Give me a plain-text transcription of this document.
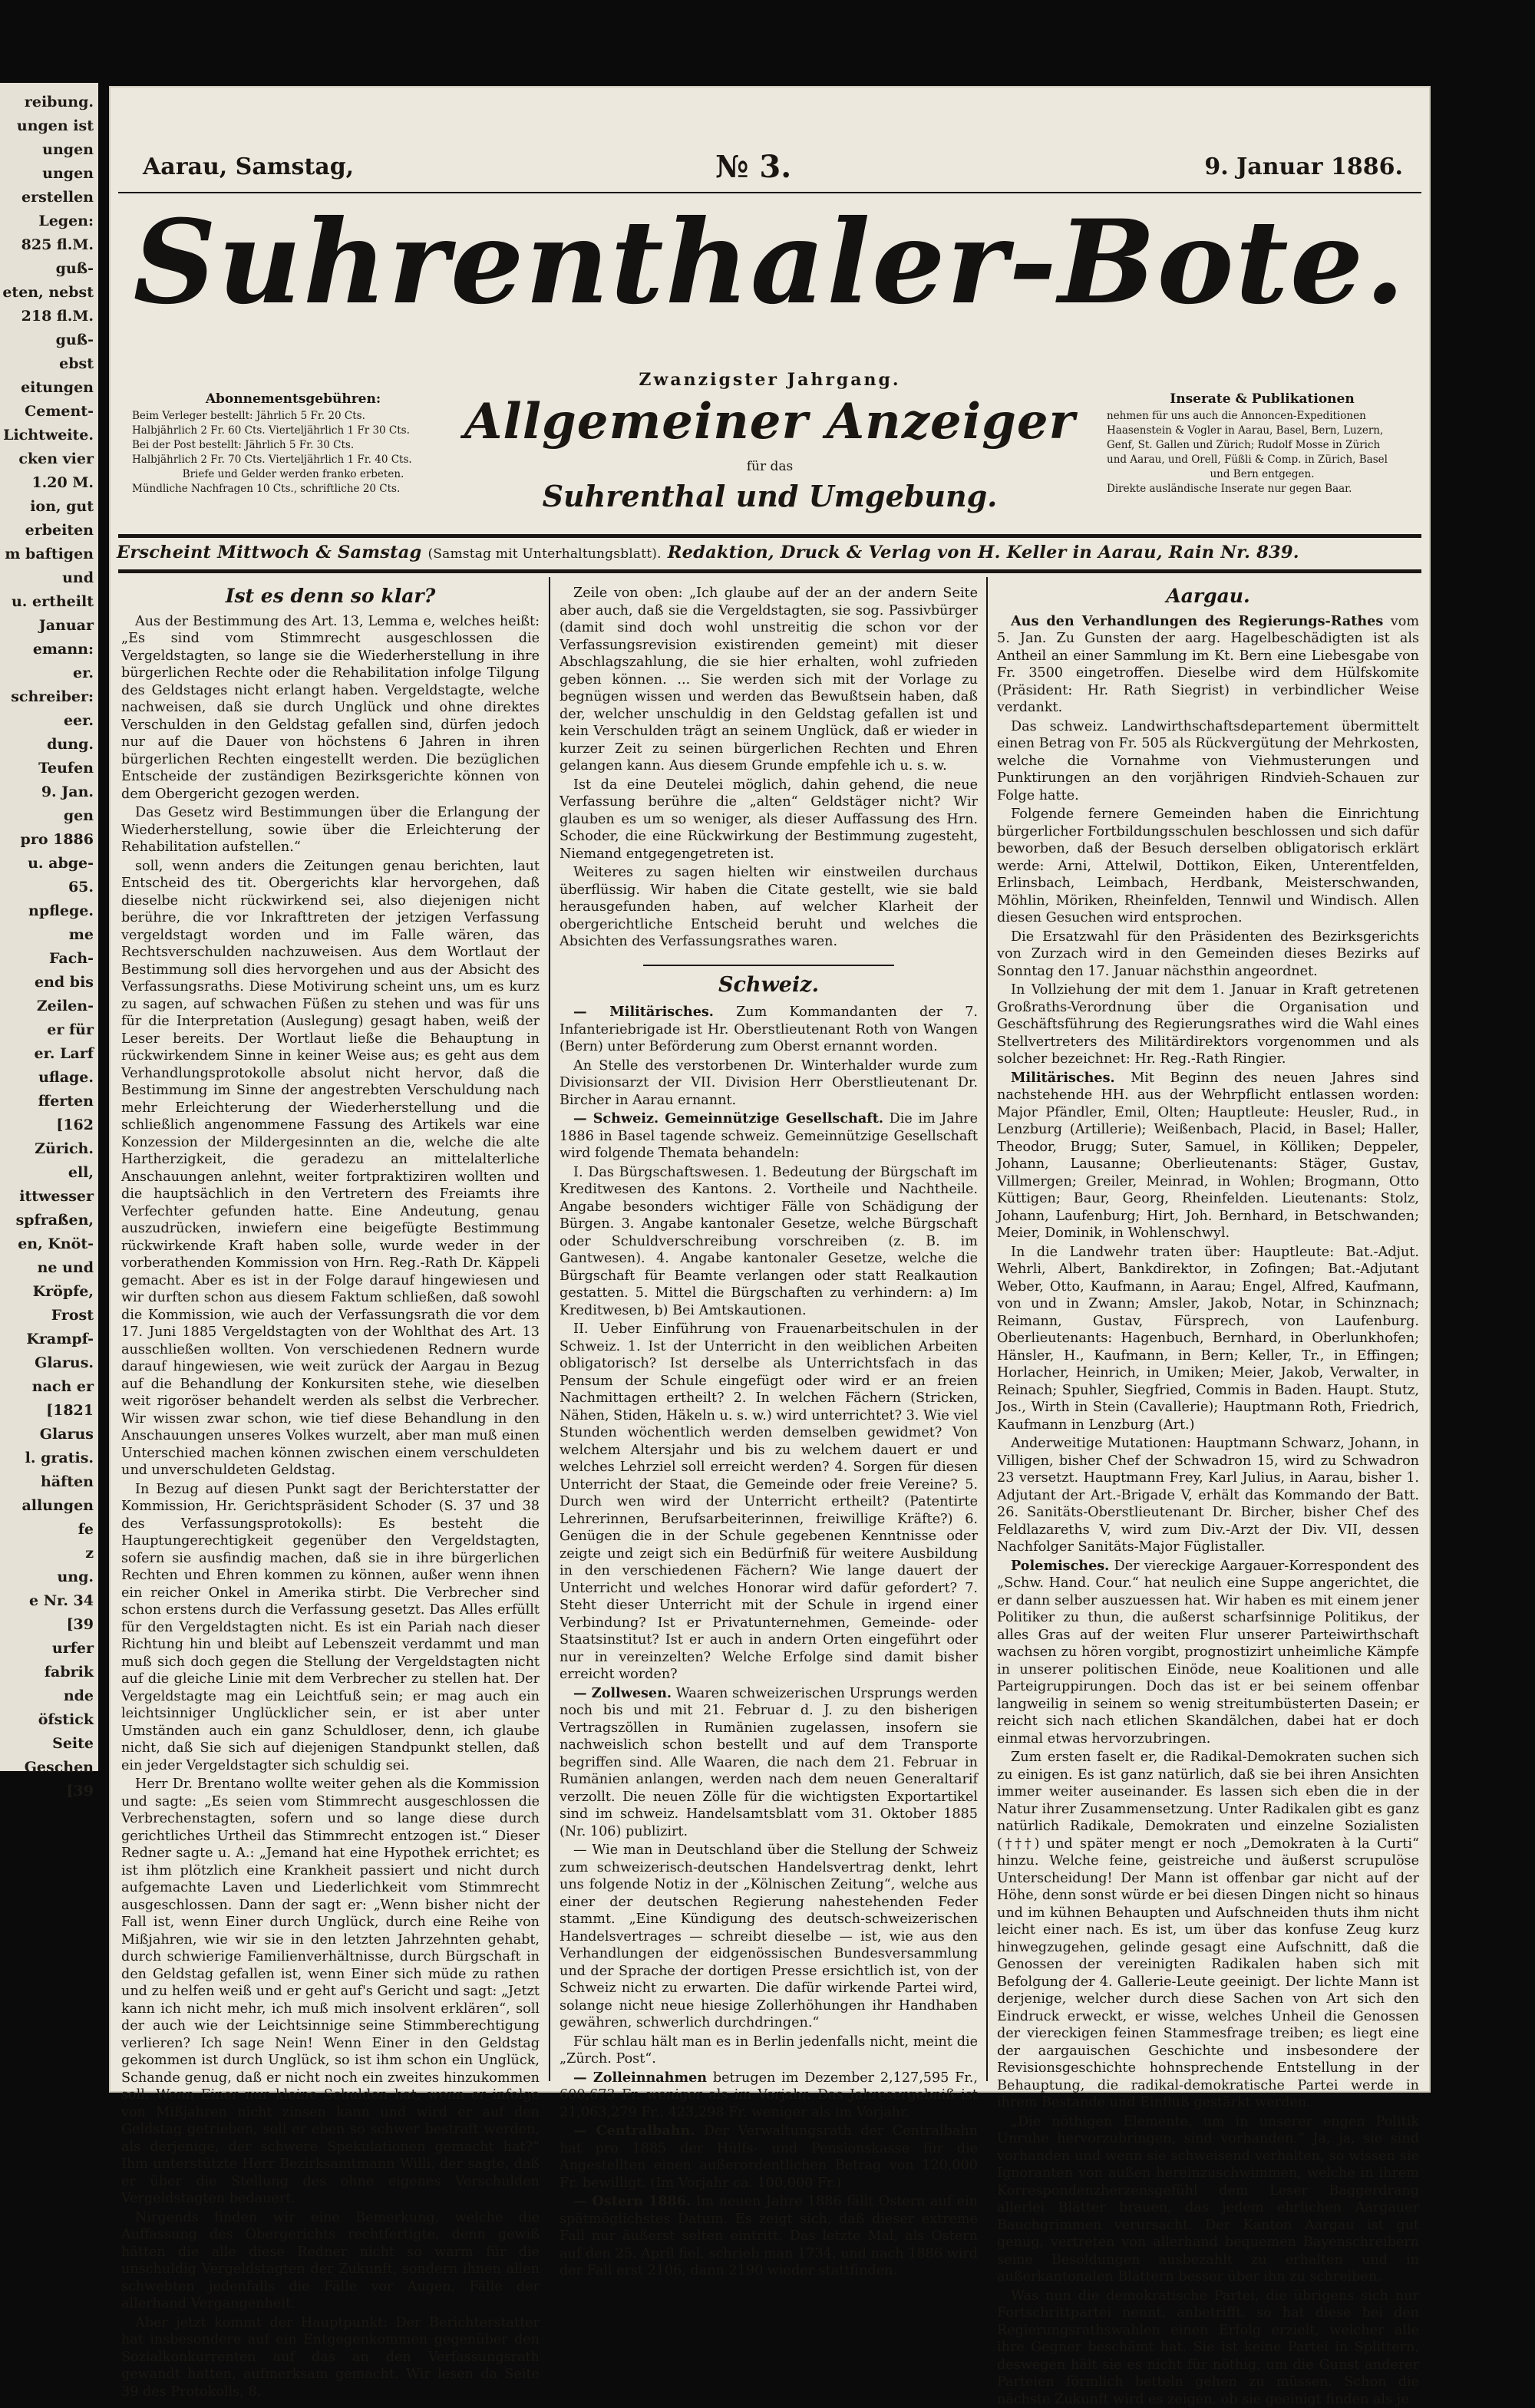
reibung.
ungen ist
ungen
ungen
erstellen
Legen:
825 fl.M.
guß-
eten, nebst
218 fl.M.
guß-
ebst
eitungen
Cement-
Lichtweite.
cken vier
1.20 M.
ion, gut
erbeiten
m baftigen
und
u. ertheilt
Januar
emann:
er.
schreiber:
eer.
dung.
Teufen
9. Jan.
gen
pro 1886
u. abge-
65.
npflege.
me
Fach-
end bis
Zeilen-
er für
er. Larf
uflage.
fferten
[162
Zürich.
ell,
ittwesser
spfraßen,
en, Knöt-
ne und
Kröpfe,
Frost
Krampf-
Glarus.
nach er
[1821
Glarus
l. gratis.
häften
allungen
fe
z
ung.
e Nr. 34
[39
urfer
fabrik
nde
öfstick
Seite
Geschen
[39
Aarau, Samstag,	№ 3.	9. Januar 1886.
Suhrenthaler-Bote.
Zwanzigster Jahrgang.
Allgemeiner Anzeiger
für das
Suhrenthal und Umgebung.
Abonnementsgebühren:
Beim Verleger bestellt: Jährlich 5 Fr. 20 Cts.
Halbjährlich 2 Fr. 60 Cts. Vierteljährlich 1 Fr 30 Cts.
Bei der Post bestellt: Jährlich 5 Fr. 30 Cts.
Halbjährlich 2 Fr. 70 Cts. Vierteljährlich 1 Fr. 40 Cts.
Briefe und Gelder werden franko erbeten.
Mündliche Nachfragen 10 Cts., schriftliche 20 Cts.
Inserate & Publikationen
nehmen für uns auch die Annoncen-Expeditionen
Haasenstein & Vogler in Aarau, Basel, Bern, Luzern,
Genf, St. Gallen und Zürich; Rudolf Mosse in Zürich
und Aarau, und Orell, Füßli & Comp. in Zürich, Basel
und Bern entgegen.
Direkte ausländische Inserate nur gegen Baar.
Erscheint Mittwoch & Samstag (Samstag mit Unterhaltungsblatt). Redaktion, Druck & Verlag von H. Keller in Aarau, Rain Nr. 839.
Ist es denn so klar?

Aus der Bestimmung des Art. 13, Lemma e, welches heißt: „Es sind vom Stimmrecht ausgeschlossen die Vergeldstagten, so lange sie die Wiederherstellung in ihre bürgerlichen Rechte oder die Rehabilitation infolge Tilgung des Geldstages nicht erlangt haben. Vergeldstagte, welche nachweisen, daß sie durch Unglück und ohne direktes Verschulden in den Geldstag gefallen sind, dürfen jedoch nur auf die Dauer von höchstens 6 Jahren in ihren bürgerlichen Rechten eingestellt werden. Die bezüglichen Entscheide der zuständigen Bezirksgerichte können von dem Obergericht gezogen werden.

Das Gesetz wird Bestimmungen über die Erlangung der Wiederherstellung, sowie über die Erleichterung der Rehabilitation aufstellen.“

soll, wenn anders die Zeitungen genau berichten, laut Entscheid des tit. Obergerichts klar hervorgehen, daß dieselbe nicht rückwirkend sei, also diejenigen nicht berühre, die vor Inkrafttreten der jetzigen Verfassung vergeldstagt worden und im Falle wären, das Rechtsverschulden nachzuweisen. Aus dem Wortlaut der Bestimmung soll dies hervorgehen und aus der Absicht des Verfassungsraths. Diese Motivirung scheint uns, um es kurz zu sagen, auf schwachen Füßen zu stehen und was für uns für die Interpretation (Auslegung) gesagt haben, weiß der Leser bereits. Der Wortlaut ließe die Behauptung in rückwirkendem Sinne in keiner Weise aus; es geht aus dem Verhandlungsprotokolle absolut nicht hervor, daß die Bestimmung im Sinne der angestrebten Verschuldung nach mehr Erleichterung der Wiederherstellung und die schließlich angenommene Fassung des Artikels war eine Konzession der Mildergesinnten an die, welche die alte Hartherzigkeit, die geradezu an mittelalterliche Anschauungen anlehnt, weiter fortpraktiziren wollten und die hauptsächlich in den Vertretern des Freiamts ihre Verfechter gefunden hatte. Eine Andeutung, genau auszudrücken, inwiefern eine beigefügte Bestimmung rückwirkende Kraft haben solle, wurde weder in der vorberathenden Kommission von Hrn. Reg.-Rath Dr. Käppeli gemacht. Aber es ist in der Folge darauf hingewiesen und wir durften schon aus diesem Faktum schließen, daß sowohl die Kommission, wie auch der Verfassungsrath die vor dem 17. Juni 1885 Vergeldstagten von der Wohlthat des Art. 13 ausschließen wollten. Von verschiedenen Rednern wurde darauf hingewiesen, wie weit zurück der Aargau in Bezug auf die Behandlung der Konkursiten stehe, wie dieselben weit rigoröser behandelt werden als selbst die Verbrecher. Wir wissen zwar schon, wie tief diese Behandlung in den Anschauungen unseres Volkes wurzelt, aber man muß einen Unterschied machen können zwischen einem verschuldeten und unverschuldeten Geldstag.

In Bezug auf diesen Punkt sagt der Berichterstatter der Kommission, Hr. Gerichtspräsident Schoder (S. 37 und 38 des Verfassungsprotokolls): Es besteht die Hauptungerechtigkeit gegenüber den Vergeldstagten, sofern sie ausfindig machen, daß sie in ihre bürgerlichen Rechten und Ehren kommen zu können, außer wenn ihnen ein reicher Onkel in Amerika stirbt. Die Verbrecher sind schon erstens durch die Verfassung gesetzt. Das Alles erfüllt für den Vergeldstagten nicht. Es ist ein Pariah nach dieser Richtung hin und bleibt auf Lebenszeit verdammt und man muß sich doch gegen die Stellung der Vergeldstagten nicht auf die gleiche Linie mit dem Verbrecher zu stellen hat. Der Vergeldstagte mag ein Leichtfuß sein; er mag auch ein leichtsinniger Unglücklicher sein, er ist aber unter Umständen auch ein ganz Schuldloser, denn, ich glaube nicht, daß Sie sich auf diejenigen Standpunkt stellen, daß ein jeder Vergeldstagter sich schuldig sei.

Herr Dr. Brentano wollte weiter gehen als die Kommission und sagte: „Es seien vom Stimmrecht ausgeschlossen die Verbrechenstagten, sofern und so lange diese durch gerichtliches Urtheil das Stimmrecht entzogen ist.“ Dieser Redner sagte u. A.: „Jemand hat eine Hypothek errichtet; es ist ihm plötzlich eine Krankheit passiert und nicht durch aufgemachte Laven und Liederlichkeit vom Stimmrecht ausgeschlossen. Dann der sagt er: „Wenn bisher nicht der Fall ist, wenn Einer durch Unglück, durch eine Reihe von Mißjahren, wie wir sie in den letzten Jahrzehnten gehabt, durch schwierige Familienverhältnisse, durch Bürgschaft in den Geldstag gefallen ist, wenn Einer sich müde zu rathen und zu helfen weiß und er geht auf's Gericht und sagt: „Jetzt kann ich nicht mehr, ich muß mich insolvent erklären“, soll der auch wie der Leichtsinnige seine Stimmberechtigung verlieren? Ich sage Nein! Wenn Einer in den Geldstag gekommen ist durch Unglück, so ist ihm schon ein Unglück, Schande genug, daß er nicht noch ein zweites hinzukommen soll. Wenn Einer nur kleine Schulden hat, wenn er infolge von Mißjahren nicht zinsen kann und wird er auf den Geldstag getrieben, soll er eben so schwer bestraft werden, als derjenige, der schwere Spekulationen gemacht hat?“ Ihm unterstützte Herr Bezirksamtmann Willi, der sagte, daß er über die Stellung des ohne eigenes Verschulden Vergeldstagten bedauert.

Nirgends finden wir eine Bemerkung, welche die Auffassung des Obergerichts rechtfertigte, denn gewiß hätten die alle diese Redner nicht so warm für die unschuldig Vergeldstagten der Zukunft, sondern ihnen allen schwebten jedenfalls die Fälle vor Augen, Fälle der allerhand Vergangenheit.

Aber jetzt kommt der Hauptpunkt: Der Berichterstatter hat insbesondere auf ein Entgegenkommen gegenüber den Sozialkonkurrenten auf das an den Verfassungsrath gewandt hatten, aufmerksam gemacht. Wir lesen da Seite 39 des Protokolls, 8.

Zeile von oben: „Ich glaube auf der an der andern Seite aber auch, daß sie die Vergeldstagten, sie sog. Passivbürger (damit sind doch wohl unstreitig die schon vor der Verfassungsrevision existirenden gemeint) mit dieser Abschlagszahlung, die sie hier erhalten, wohl zufrieden geben können. ... Sie werden sich mit der Vorlage zu begnügen wissen und werden das Bewußtsein haben, daß der, welcher unschuldig in den Geldstag gefallen ist und kein Verschulden trägt an seinem Unglück, daß er wieder in kurzer Zeit zu seinen bürgerlichen Rechten und Ehren gelangen kann. Aus diesem Grunde empfehle ich u. s. w.

Ist da eine Deutelei möglich, dahin gehend, die neue Verfassung berühre die „alten“ Geldstäger nicht? Wir glauben es um so weniger, als dieser Auffassung des Hrn. Schoder, die eine Rückwirkung der Bestimmung zugesteht, Niemand entgegengetreten ist.

Weiteres zu sagen hielten wir einstweilen durchaus überflüssig. Wir haben die Citate gestellt, wie sie bald herausgefunden haben, auf welcher Klarheit der obergerichtliche Entscheid beruht und welches die Absichten des Verfassungsrathes waren.

Schweiz.

— Militärisches. Zum Kommandanten der 7. Infanteriebrigade ist Hr. Oberstlieutenant Roth von Wangen (Bern) unter Beförderung zum Oberst ernannt worden.

An Stelle des verstorbenen Dr. Winterhalder wurde zum Divisionsarzt der VII. Division Herr Oberstlieutenant Dr. Bircher in Aarau ernannt.

— Schweiz. Gemeinnützige Gesellschaft. Die im Jahre 1886 in Basel tagende schweiz. Gemeinnützige Gesellschaft wird folgende Themata behandeln:

I. Das Bürgschaftswesen. 1. Bedeutung der Bürgschaft im Kreditwesen des Kantons. 2. Vortheile und Nachtheile. Angabe besonders wichtiger Fälle von Schädigung der Bürgen. 3. Angabe kantonaler Gesetze, welche Bürgschaft oder Schuldverschreibung vorschreiben (z. B. im Gantwesen). 4. Angabe kantonaler Gesetze, welche die Bürgschaft für Beamte verlangen oder statt Realkaution gestatten. 5. Mittel die Bürgschaften zu verhindern: a) Im Kreditwesen, b) Bei Amtskautionen.

II. Ueber Einführung von Frauenarbeitschulen in der Schweiz. 1. Ist der Unterricht in den weiblichen Arbeiten obligatorisch? Ist derselbe als Unterrichtsfach in das Pensum der Schule eingefügt oder wird er an freien Nachmittagen ertheilt? 2. In welchen Fächern (Stricken, Nähen, Stiden, Häkeln u. s. w.) wird unterrichtet? 3. Wie viel Stunden wöchentlich werden demselben gewidmet? Von welchem Altersjahr und bis zu welchem dauert er und welches Lehrziel soll erreicht werden? 4. Sorgen für diesen Unterricht der Staat, die Gemeinde oder freie Vereine? 5. Durch wen wird der Unterricht ertheilt? (Patentirte Lehrerinnen, Berufsarbeiterinnen, freiwillige Kräfte?) 6. Genügen die in der Schule gegebenen Kenntnisse oder zeigte und zeigt sich ein Bedürfniß für weitere Ausbildung in den verschiedenen Fächern? Wie lange dauert der Unterricht und welches Honorar wird dafür gefordert? 7. Steht dieser Unterricht mit der Schule in irgend einer Verbindung? Ist er Privatunternehmen, Gemeinde- oder Staatsinstitut? Ist er auch in andern Orten eingeführt oder nur in vereinzelten? Welche Erfolge sind damit bisher erreicht worden?

— Zollwesen. Waaren schweizerischen Ursprungs werden noch bis und mit 21. Februar d. J. zu den bisherigen Vertragszöllen in Rumänien zugelassen, insofern sie nachweislich schon bestellt und auf dem Transporte begriffen sind. Alle Waaren, die nach dem 21. Februar in Rumänien anlangen, werden nach dem neuen Generaltarif verzollt. Die neuen Zölle für die wichtigsten Exportartikel sind im schweiz. Handelsamtsblatt vom 31. Oktober 1885 (Nr. 106) publizirt.

— Wie man in Deutschland über die Stellung der Schweiz zum schweizerisch-deutschen Handelsvertrag denkt, lehrt uns folgende Notiz in der „Kölnischen Zeitung“, welche aus einer der deutschen Regierung nahestehenden Feder stammt. „Eine Kündigung des deutsch-schweizerischen Handelsvertrages — schreibt dieselbe — ist, wie aus den Verhandlungen der eidgenössischen Bundesversammlung und der Sprache der dortigen Presse ersichtlich ist, von der Schweiz nicht zu erwarten. Die dafür wirkende Partei wird, solange nicht neue hiesige Zollerhöhungen ihr Handhaben gewähren, schwerlich durchdringen.“

Für schlau hält man es in Berlin jedenfalls nicht, meint die „Zürch. Post“.

— Zolleinnahmen betrugen im Dezember 2,127,595 Fr., 600,673 Fr. weniger als im Vorjahr. Das Jahresergebniß ist 21,063,279 Fr., 423,298 Fr. weniger als im Vorjahr.

— Centralbahn. Der Verwaltungsrath der Centralbahn hat pro 1885 der Hülfs- und Pensionskasse für die Angestellten einen außerordentlichen Betrag von 120,000 Fr. bewilligt. (Im Vorjahr ca. 100,000 Fr.)

— Ostern 1886. Im neuen Jahre 1886 fällt Ostern auf ein spätmöglichstes Datum. Es zeigt sich, daß dieser extreme Fall nur äußerst selten eintritt. Das letzte Mal, als Ostern auf den 25. April fiel, schrieb man 1734, und nach 1886 wird der Fall erst 2106, dann 2190 wieder stattfinden.

Aargau.

Aus den Verhandlungen des Regierungs-Rathes vom 5. Jan. Zu Gunsten der aarg. Hagelbeschädigten ist als Antheil an einer Sammlung im Kt. Bern eine Liebesgabe von Fr. 3500 eingetroffen. Dieselbe wird dem Hülfskomite (Präsident: Hr. Rath Siegrist) in verbindlicher Weise verdankt.

Das schweiz. Landwirthschaftsdepartement übermittelt einen Betrag von Fr. 505 als Rückvergütung der Mehrkosten, welche die Vornahme von Viehmusterungen und Punktirungen an den vorjährigen Rindvieh-Schauen zur Folge hatte.

Folgende fernere Gemeinden haben die Einrichtung bürgerlicher Fortbildungsschulen beschlossen und sich dafür beworben, daß der Besuch derselben obligatorisch erklärt werde: Arni, Attelwil, Dottikon, Eiken, Unterentfelden, Erlinsbach, Leimbach, Herdbank, Meisterschwanden, Möhlin, Möriken, Rheinfelden, Tennwil und Windisch. Allen diesen Gesuchen wird entsprochen.

Die Ersatzwahl für den Präsidenten des Bezirksgerichts von Zurzach wird in den Gemeinden dieses Bezirks auf Sonntag den 17. Januar nächsthin angeordnet.

In Vollziehung der mit dem 1. Januar in Kraft getretenen Großraths-Verordnung über die Organisation und Geschäftsführung des Regierungsrathes wird die Wahl eines Stellvertreters des Militärdirektors vorgenommen und als solcher bezeichnet: Hr. Reg.-Rath Ringier.

Militärisches. Mit Beginn des neuen Jahres sind nachstehende HH. aus der Wehrpflicht entlassen worden: Major Pfändler, Emil, Olten; Hauptleute: Heusler, Rud., in Lenzburg (Artillerie); Weißenbach, Placid, in Basel; Haller, Theodor, Brugg; Suter, Samuel, in Kölliken; Deppeler, Johann, Lausanne; Oberlieutenants: Stäger, Gustav, Villmergen; Greiler, Meinrad, in Wohlen; Brogmann, Otto Küttigen; Baur, Georg, Rheinfelden. Lieutenants: Stolz, Johann, Laufenburg; Hirt, Joh. Bernhard, in Betschwanden; Meier, Dominik, in Wohlenschwyl.

In die Landwehr traten über: Hauptleute: Bat.-Adjut. Wehrli, Albert, Bankdirektor, in Zofingen; Bat.-Adjutant Weber, Otto, Kaufmann, in Aarau; Engel, Alfred, Kaufmann, von und in Zwann; Amsler, Jakob, Notar, in Schinznach; Reimann, Gustav, Fürsprech, von Laufenburg. Oberlieutenants: Hagenbuch, Bernhard, in Oberlunkhofen; Hänsler, H., Kaufmann, in Bern; Keller, Tr., in Effingen; Horlacher, Heinrich, in Umiken; Meier, Jakob, Verwalter, in Reinach; Spuhler, Siegfried, Commis in Baden. Haupt. Stutz, Jos., Wirth in Stein (Cavallerie); Hauptmann Roth, Friedrich, Kaufmann in Lenzburg (Art.)

Anderweitige Mutationen: Hauptmann Schwarz, Johann, in Villigen, bisher Chef der Schwadron 15, wird zu Schwadron 23 versetzt. Hauptmann Frey, Karl Julius, in Aarau, bisher 1. Adjutant der Art.-Brigade V, erhält das Kommando der Batt. 26. Sanitäts-Oberstlieutenant Dr. Bircher, bisher Chef des Feldlazareths V, wird zum Div.-Arzt der Div. VII, dessen Nachfolger Sanitäts-Major Füglistaller.

Polemisches. Der viereckige Aargauer-Korrespondent des „Schw. Hand. Cour.“ hat neulich eine Suppe angerichtet, die er dann selber auszuessen hat. Wir haben es mit einem jener Politiker zu thun, die außerst scharfsinnige Politikus, der alles Gras auf der weiten Flur unserer Parteiwirthschaft wachsen zu hören vorgibt, prognostizirt unheimliche Kämpfe in unserer politischen Einöde, neue Koalitionen und alle Parteigruppirungen. Doch das ist er bei seinem offenbar langweilig in seinem so wenig streitumbüsterten Dasein; er reicht sich nach etlichen Skandälchen, dabei hat er doch einmal etwas hervorzubringen.

Zum ersten faselt er, die Radikal-Demokraten suchen sich zu einigen. Es ist ganz natürlich, daß sie bei ihren Ansichten immer weiter auseinander. Es lassen sich eben die in der Natur ihrer Zusammensetzung. Unter Radikalen gibt es ganz natürlich Radikale, Demokraten und einzelne Sozialisten (†††) und später mengt er noch „Demokraten à la Curti“ hinzu. Welche feine, geistreiche und äußerst scrupulöse Unterscheidung! Der Mann ist offenbar gar nicht auf der Höhe, denn sonst würde er bei diesen Dingen nicht so hinaus und im kühnen Behaupten und Aufschneiden thuts ihm nicht leicht einer nach. Es ist, um über das konfuse Zeug kurz hinwegzugehen, gelinde gesagt eine Aufschnitt, daß die Genossen der vereinigten Radikalen haben sich mit Befolgung der 4. Gallerie-Leute geeinigt. Der lichte Mann ist derjenige, welcher durch diese Sachen von Art sich den Eindruck erweckt, er wisse, welches Unheil die Genossen der viereckigen feinen Stammesfrage treiben; es liegt eine der aargauischen Geschichte und insbesondere der Revisionsgeschichte hohnsprechende Entstellung in der Behauptung, die radikal-demokratische Partei werde in ihrem Bestande und Einfluß gestärkt werden.

„Die nöthigen Elemente, um in unserer engen Politik Unruhe hervorzubringen, sind vorhanden.“ Ja, ja, sie sind vorhanden und wenn sie schweisend verhalten, so wissen sie Ignoranten von außen hereinzuschwimmen, welche in ihrem Korrespondenzherzensgefühl dem Leser Baggerdrang allerlei Blätter brauen, das jedem ehrlichen Aargauer Bauchgrimmen verursacht. Der Kanton Aargau ist gut genug, vertreten von allerhand bequemen Bayenschreibern seine Besoldungen ausbezahlt zu erhalten und in außerkantonalen Blättern besser über ihn zu schreiben.

Was nun die demokratische Partei, die übrigens sich nur Fortschrittpartei nennt, anbetrifft, so hat diese bei den Regierungsrathswahlen einen Erfolg erzielt, welcher alle ihre Gegner beschämt hat. Sie ist keine Partei in Splittern, deswegen hält sie es nicht für nöthig, um die Gunst anderer Parteien förmlich betteln gehen zu müssen. Schon die nächste Zukunft wird es zeigen, ob sie geeinigt finden als je
